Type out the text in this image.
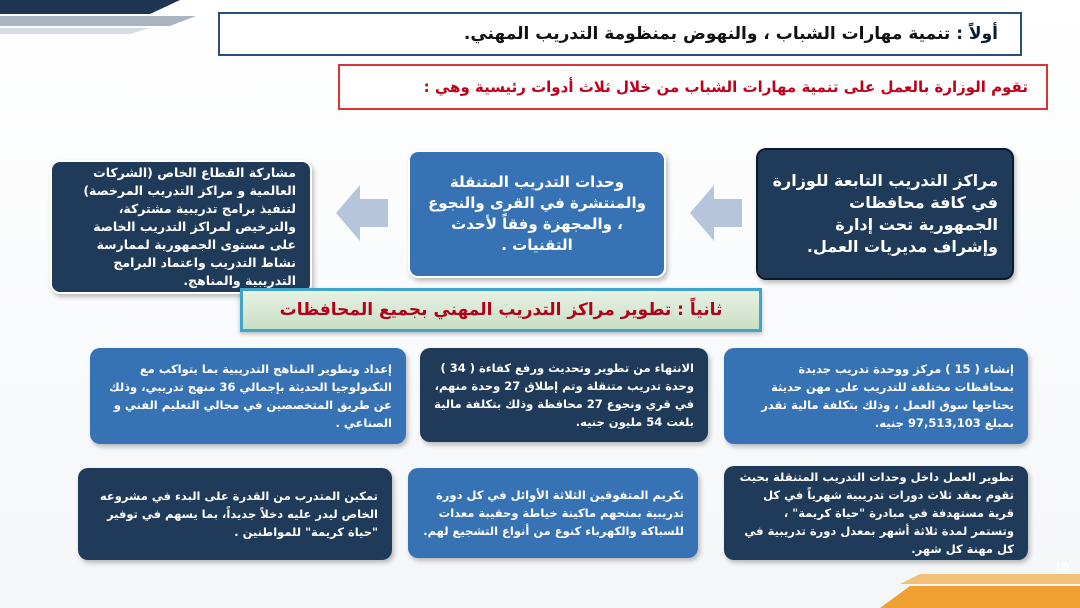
أولاً : تنمية مهارات الشباب ، والنهوض بمنظومة التدريب المهني.
تقوم الوزارة بالعمل على تنمية مهارات الشباب من خلال ثلاث أدوات رئيسية وهي :
مراكز التدريب التابعة للوزارة في كافة محافظات الجمهورية تحت إدارة وإشراف مديريات العمل.
وحدات التدريب المتنقلة والمنتشرة في القرى والنجوع ، والمجهزة وفقاً لأحدث التقنيات .
مشاركة القطاع الخاص (الشركات العالمية و مراكز التدريب المرخصة) لتنفيذ برامج تدريبية مشتركة، والترخيص لمراكز التدريب الخاصة على مستوى الجمهورية لممارسة نشاط التدريب واعتماد البرامج التدريبية والمناهج.
ثانياً : تطوير مراكز التدريب المهني بجميع المحافظات
إنشاء ( 15 ) مركز ووحدة تدريب جديدة بمحافظات مختلفة للتدريب على مهن حديثة يحتاجها سوق العمل ، وذلك بتكلفة مالية تقدر بمبلغ 97,513,103 جنيه.
الانتهاء من تطوير وتحديث ورفع كفاءة ( 34 ) وحدة تدريب متنقلة وتم إطلاق 27 وحدة منهم، في قري ونجوع 27 محافظة وذلك بتكلفة مالية بلغت 54 مليون جنيه.
إعداد وتطوير المناهج التدريبية بما يتواكب مع التكنولوجيا الحديثة بإجمالي 36 منهج تدريبي، وذلك عن طريق المتخصصين في مجالي التعليم الفني و الصناعي .
تطوير العمل داخل وحدات التدريب المتنقلة بحيث تقوم بعقد ثلاث دورات تدريبية شهرياً في كل قرية مستهدفة في مبادرة "حياة كريمة" ، وتستمر لمدة ثلاثة أشهر بمعدل دورة تدريبية في كل مهنة كل شهر.
تكريم المتفوقين الثلاثة الأوائل في كل دورة تدريبية بمنحهم ماكينة خياطة وحقيبة معدات للسباكة والكهرباء كنوع من أنواع التشجيع لهم.
تمكين المتدرب من القدرة على البدء في مشروعه الخاص ليدر عليه دخلاً جديداً، بما يسهم في توفير "حياة كريمة" للمواطنين .
10
